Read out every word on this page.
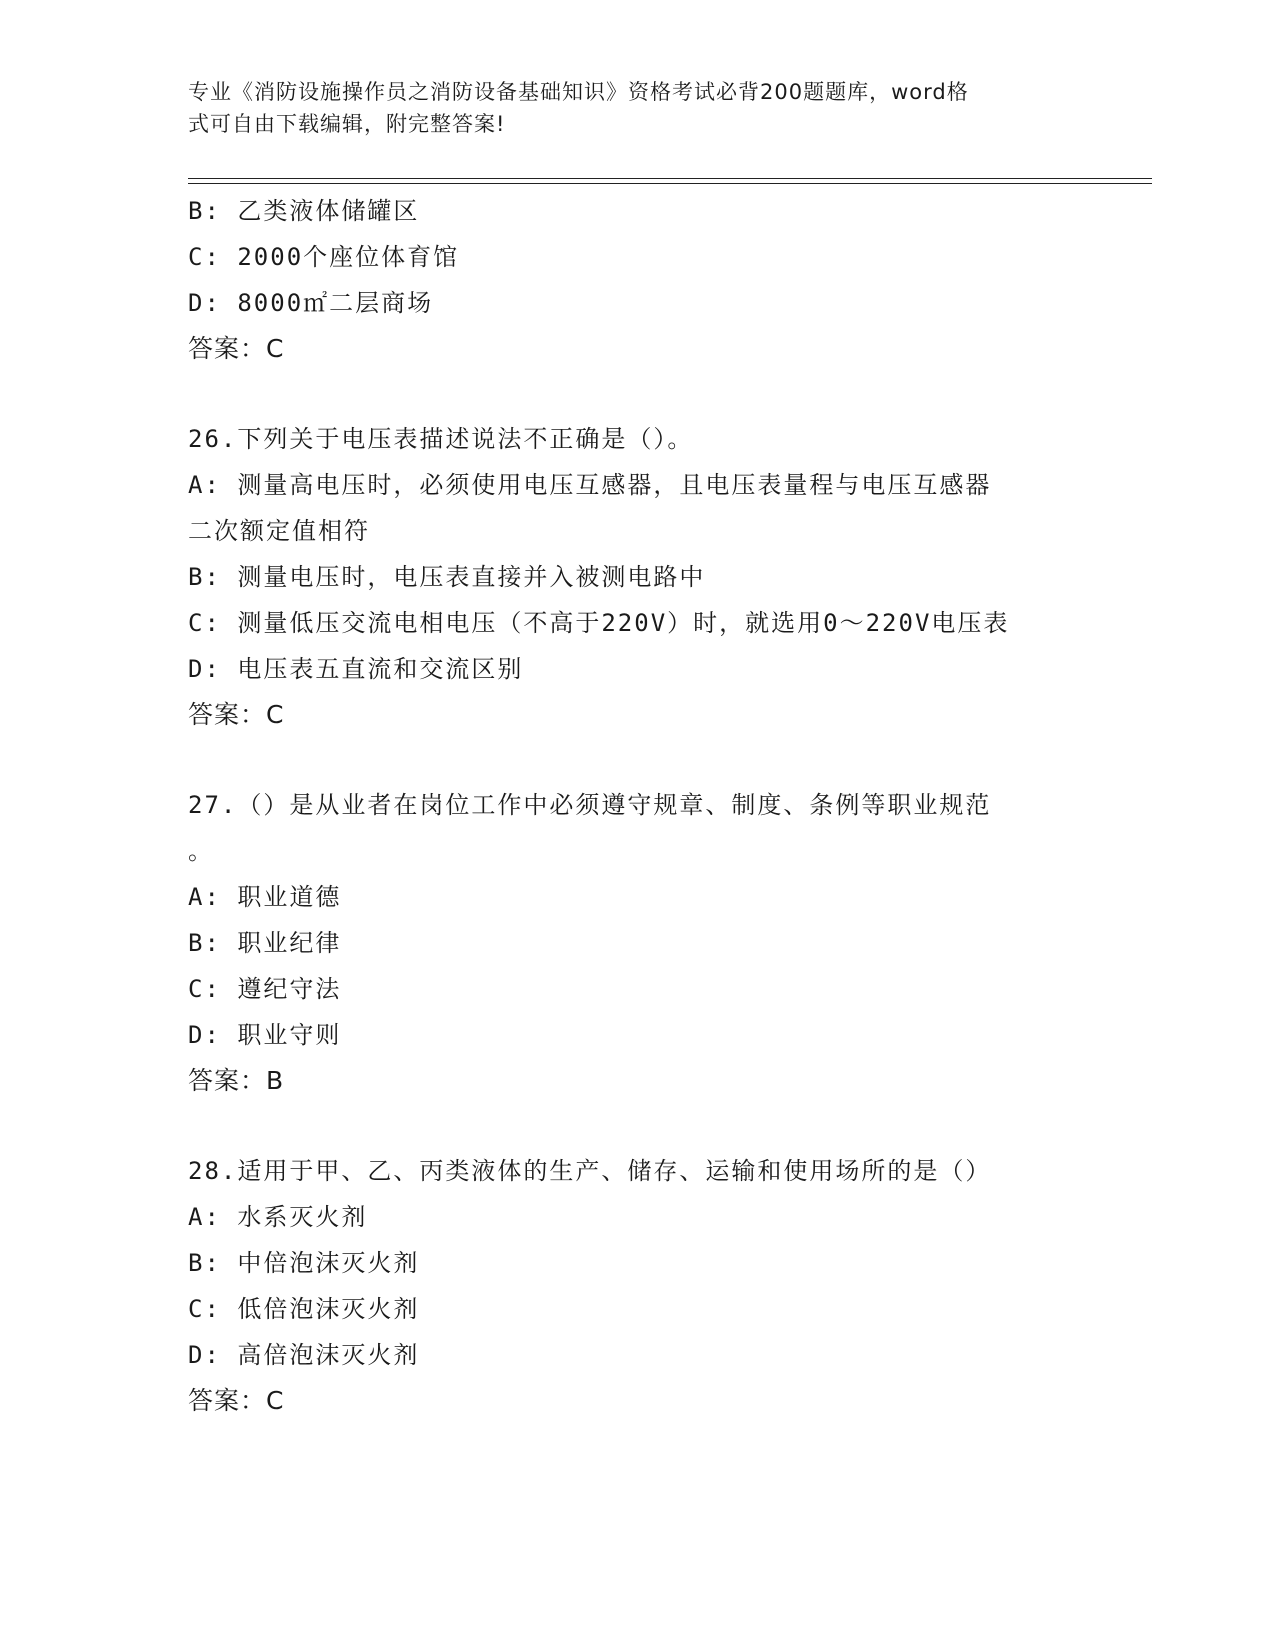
专业《消防设施操作员之消防设备基础知识》资格考试必背200题题库，word格
式可自由下载编辑，附完整答案!
B: 乙类液体储罐区
C: 2000个座位体育馆
D: 8000㎡二层商场
答案：C
26.下列关于电压表描述说法不正确是（）。
A: 测量高电压时，必须使用电压互感器，且电压表量程与电压互感器
二次额定值相符
B: 测量电压时，电压表直接并入被测电路中
C: 测量低压交流电相电压（不高于220V）时，就选用0～220V电压表
D: 电压表五直流和交流区别
答案：C
27.（）是从业者在岗位工作中必须遵守规章、制度、条例等职业规范
。
A: 职业道德
B: 职业纪律
C: 遵纪守法
D: 职业守则
答案：B
28.适用于甲、乙、丙类液体的生产、储存、运输和使用场所的是（）
A: 水系灭火剂
B: 中倍泡沫灭火剂
C: 低倍泡沫灭火剂
D: 高倍泡沫灭火剂
答案：C
